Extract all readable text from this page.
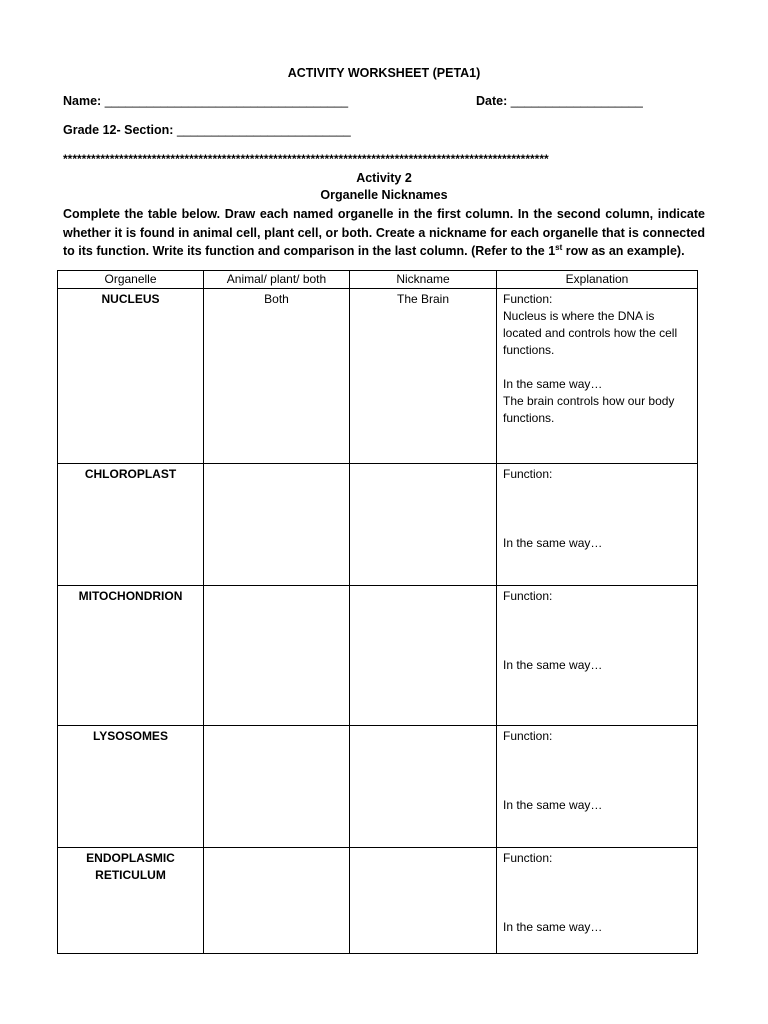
ACTIVITY WORKSHEET (PETA1)
Name: ___________________________________	Date: ___________________
Grade 12- Section: _________________________
********************************************************************************************************
Activity 2
Organelle Nicknames
Complete the table below. Draw each named organelle in the first column. In the second column, indicate whether it is found in animal cell, plant cell, or both. Create a nickname for each organelle that is connected to its function. Write its function and comparison in the last column. (Refer to the 1st row as an example).
Organelle	Animal/ plant/ both	Nickname	Explanation
NUCLEUS	Both	The Brain	Function:
Nucleus is where the DNA is located and controls how the cell functions.
In the same way…
The brain controls how our body functions.

CHLOROPLAST			Function:
In the same way…

MITOCHONDRION			Function:
In the same way…

LYSOSOMES			Function:
In the same way…

ENDOPLASMIC RETICULUM			Function:
In the same way…
